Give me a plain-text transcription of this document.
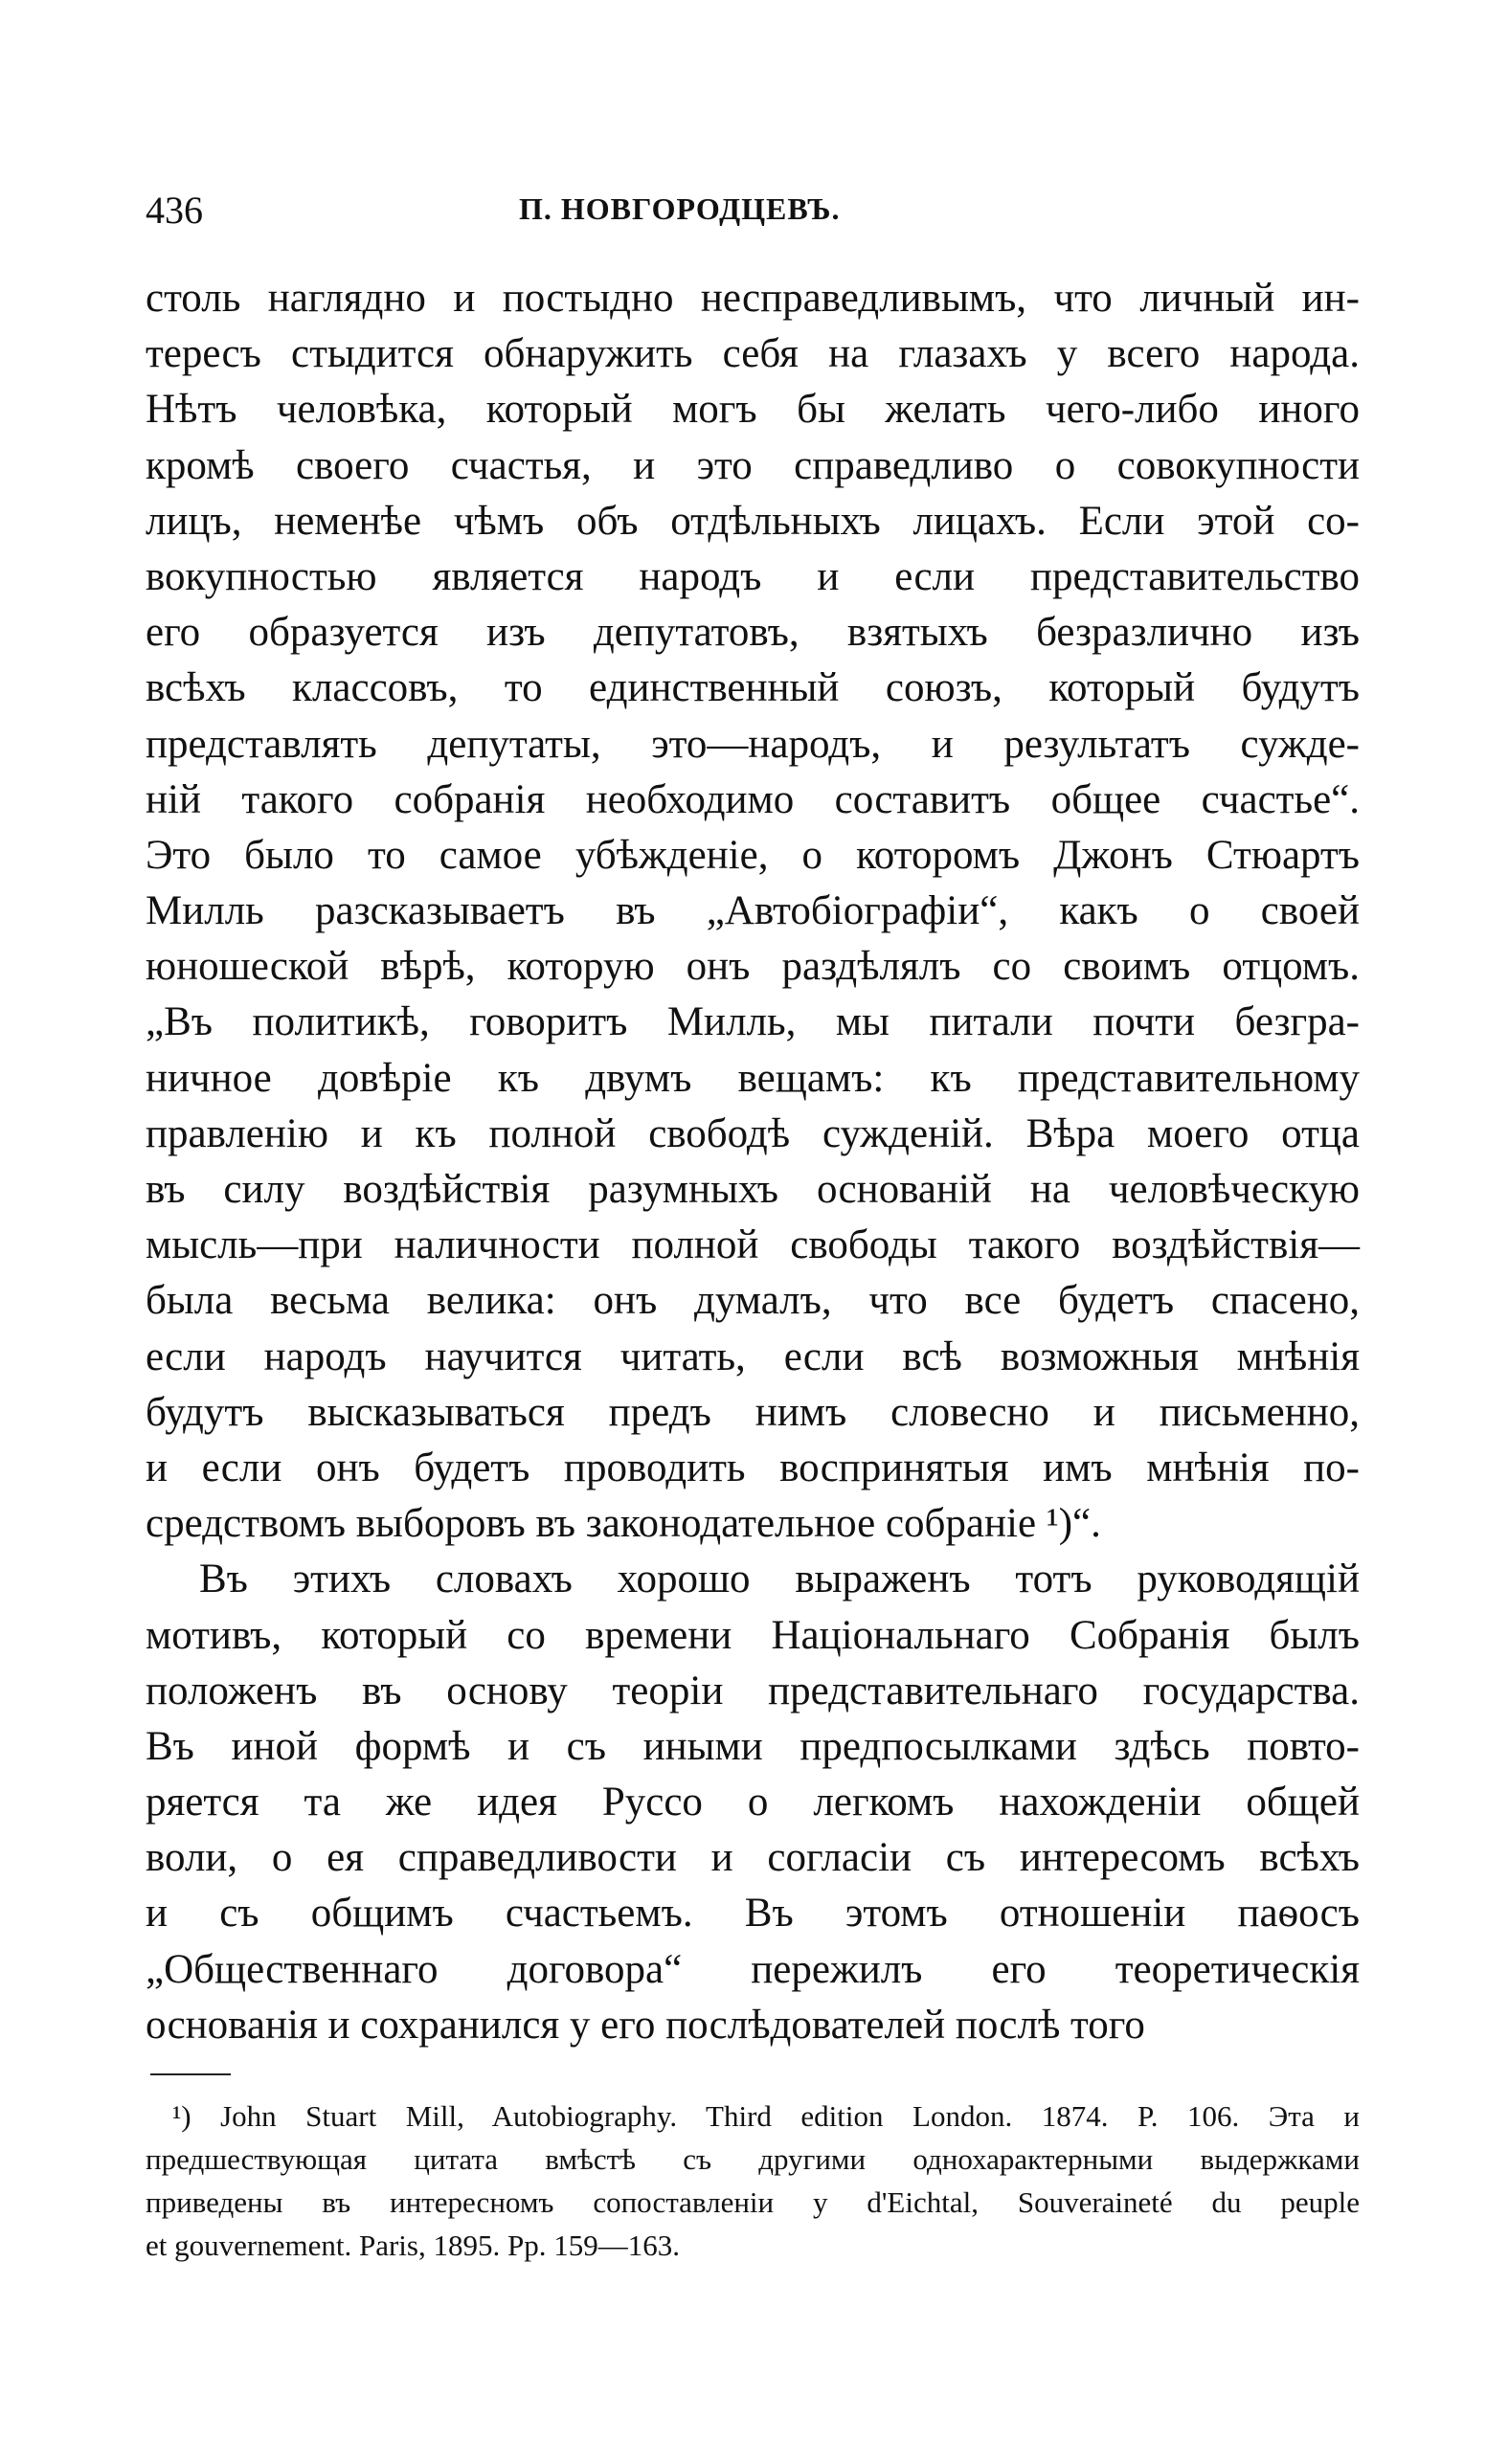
436	П. НОВГОРОДЦЕВЪ.
столь наглядно и постыдно несправедливымъ, что личный ин-
тересъ стыдится обнаружить себя на глазахъ у всего народа.
Нѣтъ человѣка, который могъ бы желать чего-либо иного
кромѣ своего счастья, и это справедливо о совокупности
лицъ, неменѣе чѣмъ объ отдѣльныхъ лицахъ. Если этой со-
вокупностью является народъ и если представительство
его образуется изъ депутатовъ, взятыхъ безразлично изъ
всѣхъ классовъ, то единственный союзъ, который будутъ
представлять депутаты, это—народъ, и результатъ сужде-
ній такого собранія необходимо составитъ общее счастье“.
Это было то самое убѣжденіе, о которомъ Джонъ Стюартъ
Милль разсказываетъ въ „Автобіографіи“, какъ о своей
юношеской вѣрѣ, которую онъ раздѣлялъ со своимъ отцомъ.
„Въ политикѣ, говоритъ Милль, мы питали почти безгра-
ничное довѣріе къ двумъ вещамъ: къ представительному
правленію и къ полной свободѣ сужденій. Вѣра моего отца
въ силу воздѣйствія разумныхъ основаній на человѣческую
мысль—при наличности полной свободы такого воздѣйствія—
была весьма велика: онъ думалъ, что все будетъ спасено,
если народъ научится читать, если всѣ возможныя мнѣнія
будутъ высказываться предъ нимъ словесно и письменно,
и если онъ будетъ проводить воспринятыя имъ мнѣнія по-
средствомъ выборовъ въ законодательное собраніе ¹)“.
Въ этихъ словахъ хорошо выраженъ тотъ руководящій
мотивъ, который со времени Національнаго Собранія былъ
положенъ въ основу теоріи представительнаго государства.
Въ иной формѣ и съ иными предпосылками здѣсь повто-
ряется та же идея Руссо о легкомъ нахожденіи общей
воли, о ея справедливости и согласіи съ интересомъ всѣхъ
и съ общимъ счастьемъ. Въ этомъ отношеніи паѳосъ
„Общественнаго договора“ пережилъ его теоретическія
основанія и сохранился у его послѣдователей послѣ того
¹) John Stuart Mill, Autobiography. Third edition London. 1874. P. 106. Эта и
предшествующая цитата вмѣстѣ съ другими однохарактерными выдержками
приведены въ интересномъ сопоставленіи у d'Eichtal, Souveraineté du peuple
et gouvernement. Paris, 1895. Pp. 159—163.
